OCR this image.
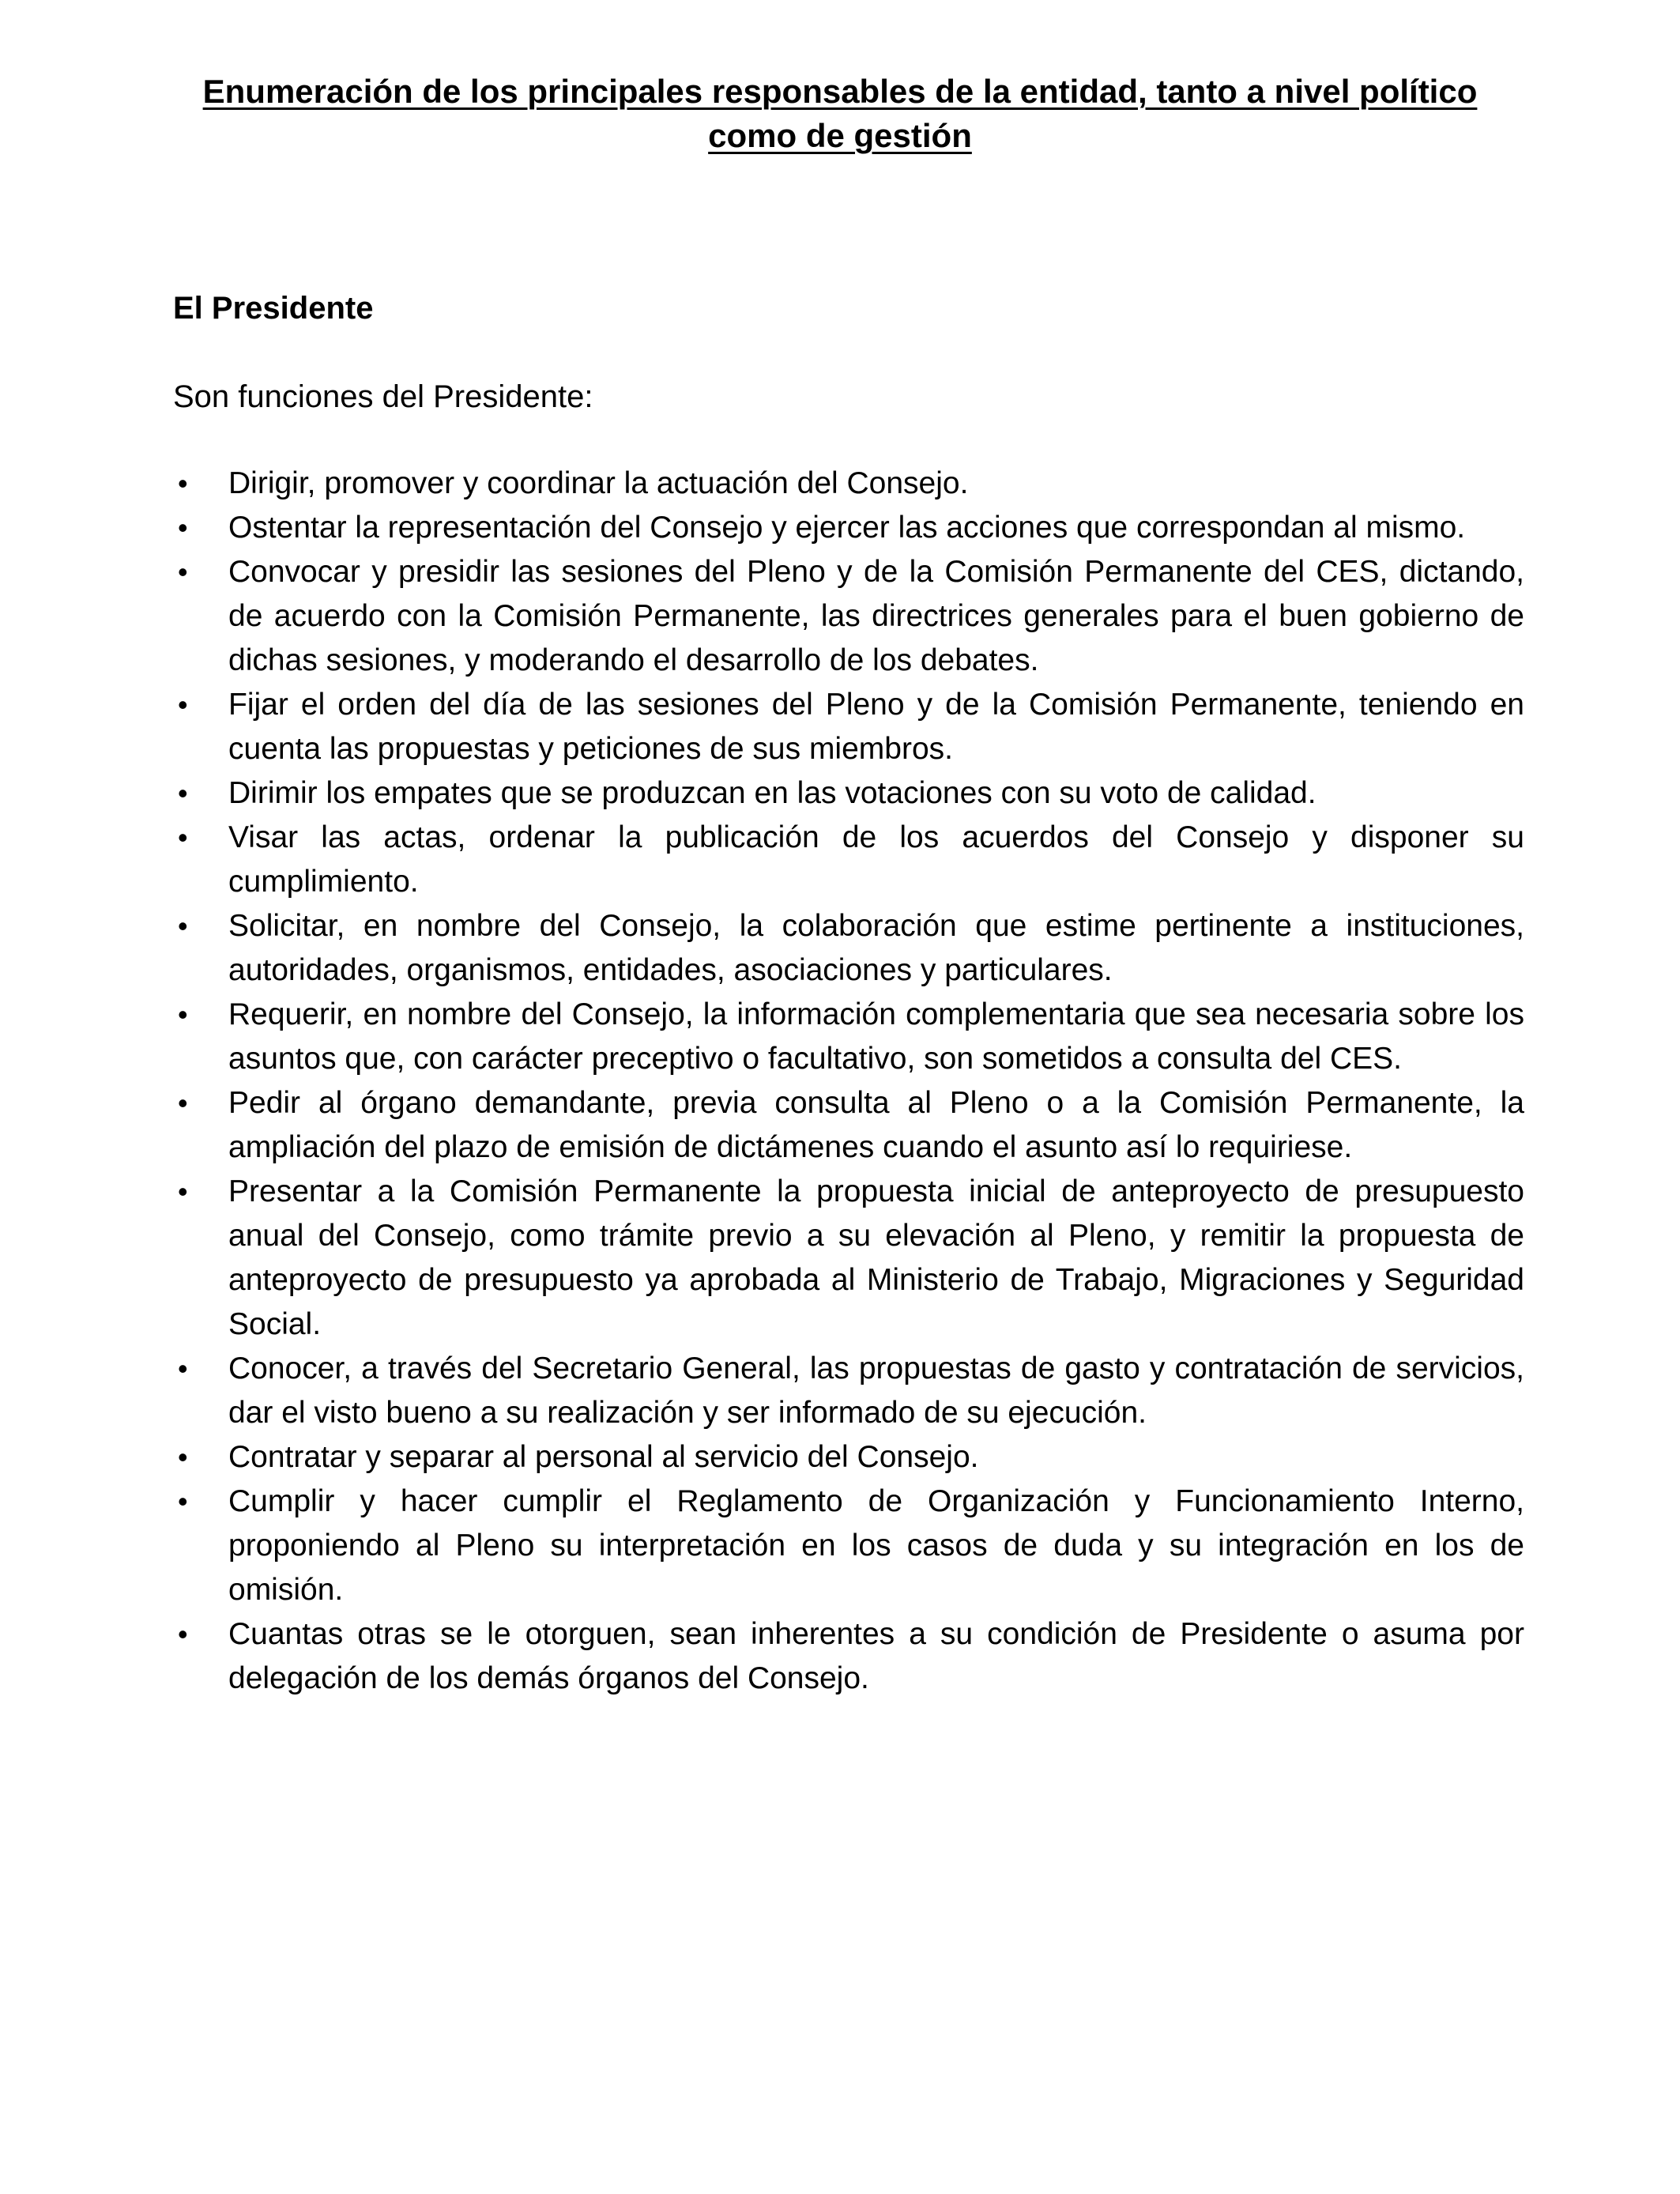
Enumeración de los principales responsables de la entidad, tanto a nivel político como de gestión
El Presidente

Son funciones del Presidente:

• Dirigir, promover y coordinar la actuación del Consejo.
• Ostentar la representación del Consejo y ejercer las acciones que correspondan al mismo.
• Convocar y presidir las sesiones del Pleno y de la Comisión Permanente del CES, dictando, de acuerdo con la Comisión Permanente, las directrices generales para el buen gobierno de dichas sesiones, y moderando el desarrollo de los debates.
• Fijar el orden del día de las sesiones del Pleno y de la Comisión Permanente, teniendo en cuenta las propuestas y peticiones de sus miembros.
• Dirimir los empates que se produzcan en las votaciones con su voto de calidad.
• Visar las actas, ordenar la publicación de los acuerdos del Consejo y disponer su cumplimiento.
• Solicitar, en nombre del Consejo, la colaboración que estime pertinente a instituciones, autoridades, organismos, entidades, asociaciones y particulares.
• Requerir, en nombre del Consejo, la información complementaria que sea necesaria sobre los asuntos que, con carácter preceptivo o facultativo, son sometidos a consulta del CES.
• Pedir al órgano demandante, previa consulta al Pleno o a la Comisión Permanente, la ampliación del plazo de emisión de dictámenes cuando el asunto así lo requiriese.
• Presentar a la Comisión Permanente la propuesta inicial de anteproyecto de presupuesto anual del Consejo, como trámite previo a su elevación al Pleno, y remitir la propuesta de anteproyecto de presupuesto ya aprobada al Ministerio de Trabajo, Migraciones y Seguridad Social.
• Conocer, a través del Secretario General, las propuestas de gasto y contratación de servicios, dar el visto bueno a su realización y ser informado de su ejecución.
• Contratar y separar al personal al servicio del Consejo.
• Cumplir y hacer cumplir el Reglamento de Organización y Funcionamiento Interno, proponiendo al Pleno su interpretación en los casos de duda y su integración en los de omisión.
• Cuantas otras se le otorguen, sean inherentes a su condición de Presidente o asuma por delegación de los demás órganos del Consejo.
